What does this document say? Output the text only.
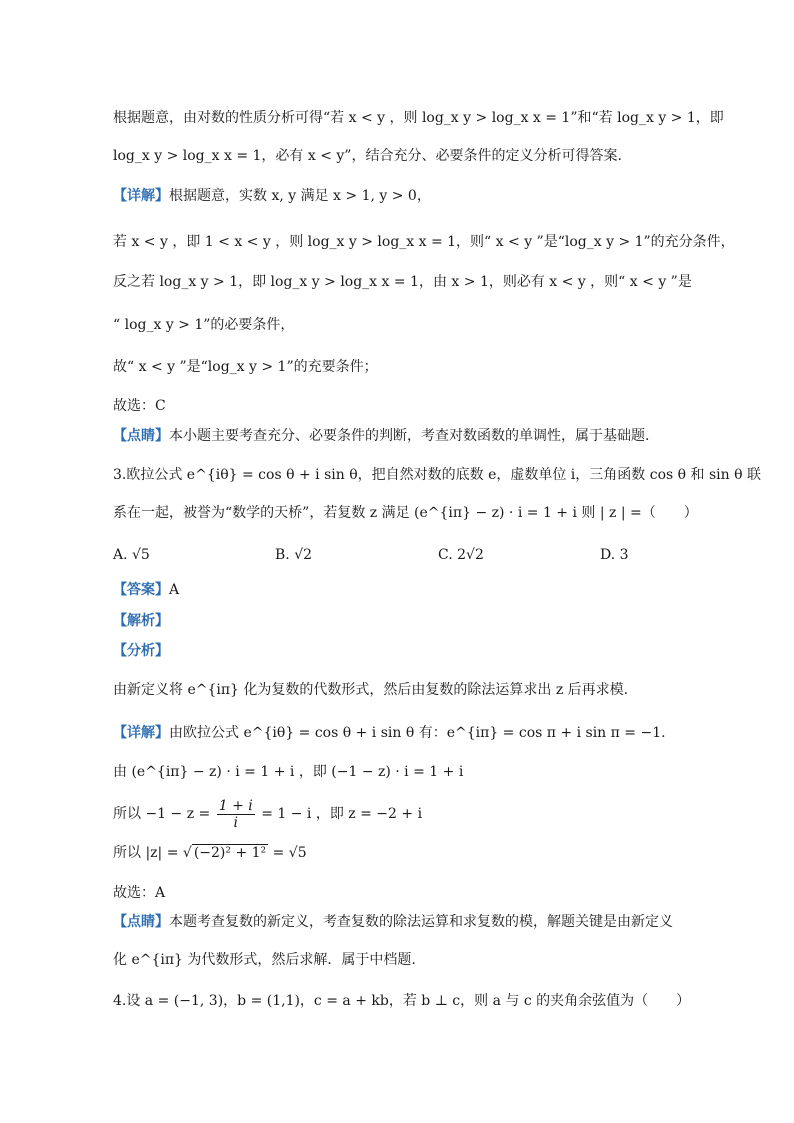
根据题意，由对数的性质分析可得“若 x < y ，则 log_x y > log_x x = 1”和“若 log_x y > 1，即
log_x y > log_x x = 1，必有 x < y”，结合充分、必要条件的定义分析可得答案.
【详解】根据题意，实数 x, y 满足 x > 1, y > 0，
若 x < y ，即 1 < x < y ，则 log_x y > log_x x = 1，则“ x < y ”是“log_x y > 1”的充分条件，
反之若 log_x y > 1，即 log_x y > log_x x = 1，由 x > 1，则必有 x < y ，则“ x < y ”是
“ log_x y > 1”的必要条件，
故“ x < y ”是“log_x y > 1”的充要条件；
故选：C
【点睛】本小题主要考查充分、必要条件的判断，考查对数函数的单调性，属于基础题.
3.欧拉公式 e^{iθ} = cos θ + i sin θ，把自然对数的底数 e，虚数单位 i，三角函数 cos θ 和 sin θ 联
系在一起，被誉为“数学的天桥”，若复数 z 满足 (e^{iπ} − z) · i = 1 + i 则 | z | =（　　）
A. √5	B. √2	C. 2√2	D. 3
【答案】A
【解析】
【分析】
由新定义将 e^{iπ} 化为复数的代数形式，然后由复数的除法运算求出 z 后再求模.
【详解】由欧拉公式 e^{iθ} = cos θ + i sin θ 有：e^{iπ} = cos π + i sin π = −1.
由 (e^{iπ} − z) · i = 1 + i ，即 (−1 − z) · i = 1 + i
所以 $-1 - z = \frac{1 + i}{i} = 1 - i$ ，即 z = −2 + i
所以 |z| = √ (−2)² + 1² = √5
故选：A
【点睛】本题考查复数的新定义，考查复数的除法运算和求复数的模，解题关键是由新定义
化 e^{iπ} 为代数形式，然后求解．属于中档题.
4.设 a = (−1, 3)，b = (1,1)，c = a + kb，若 b ⊥ c，则 a 与 c 的夹角余弦值为（　　）
